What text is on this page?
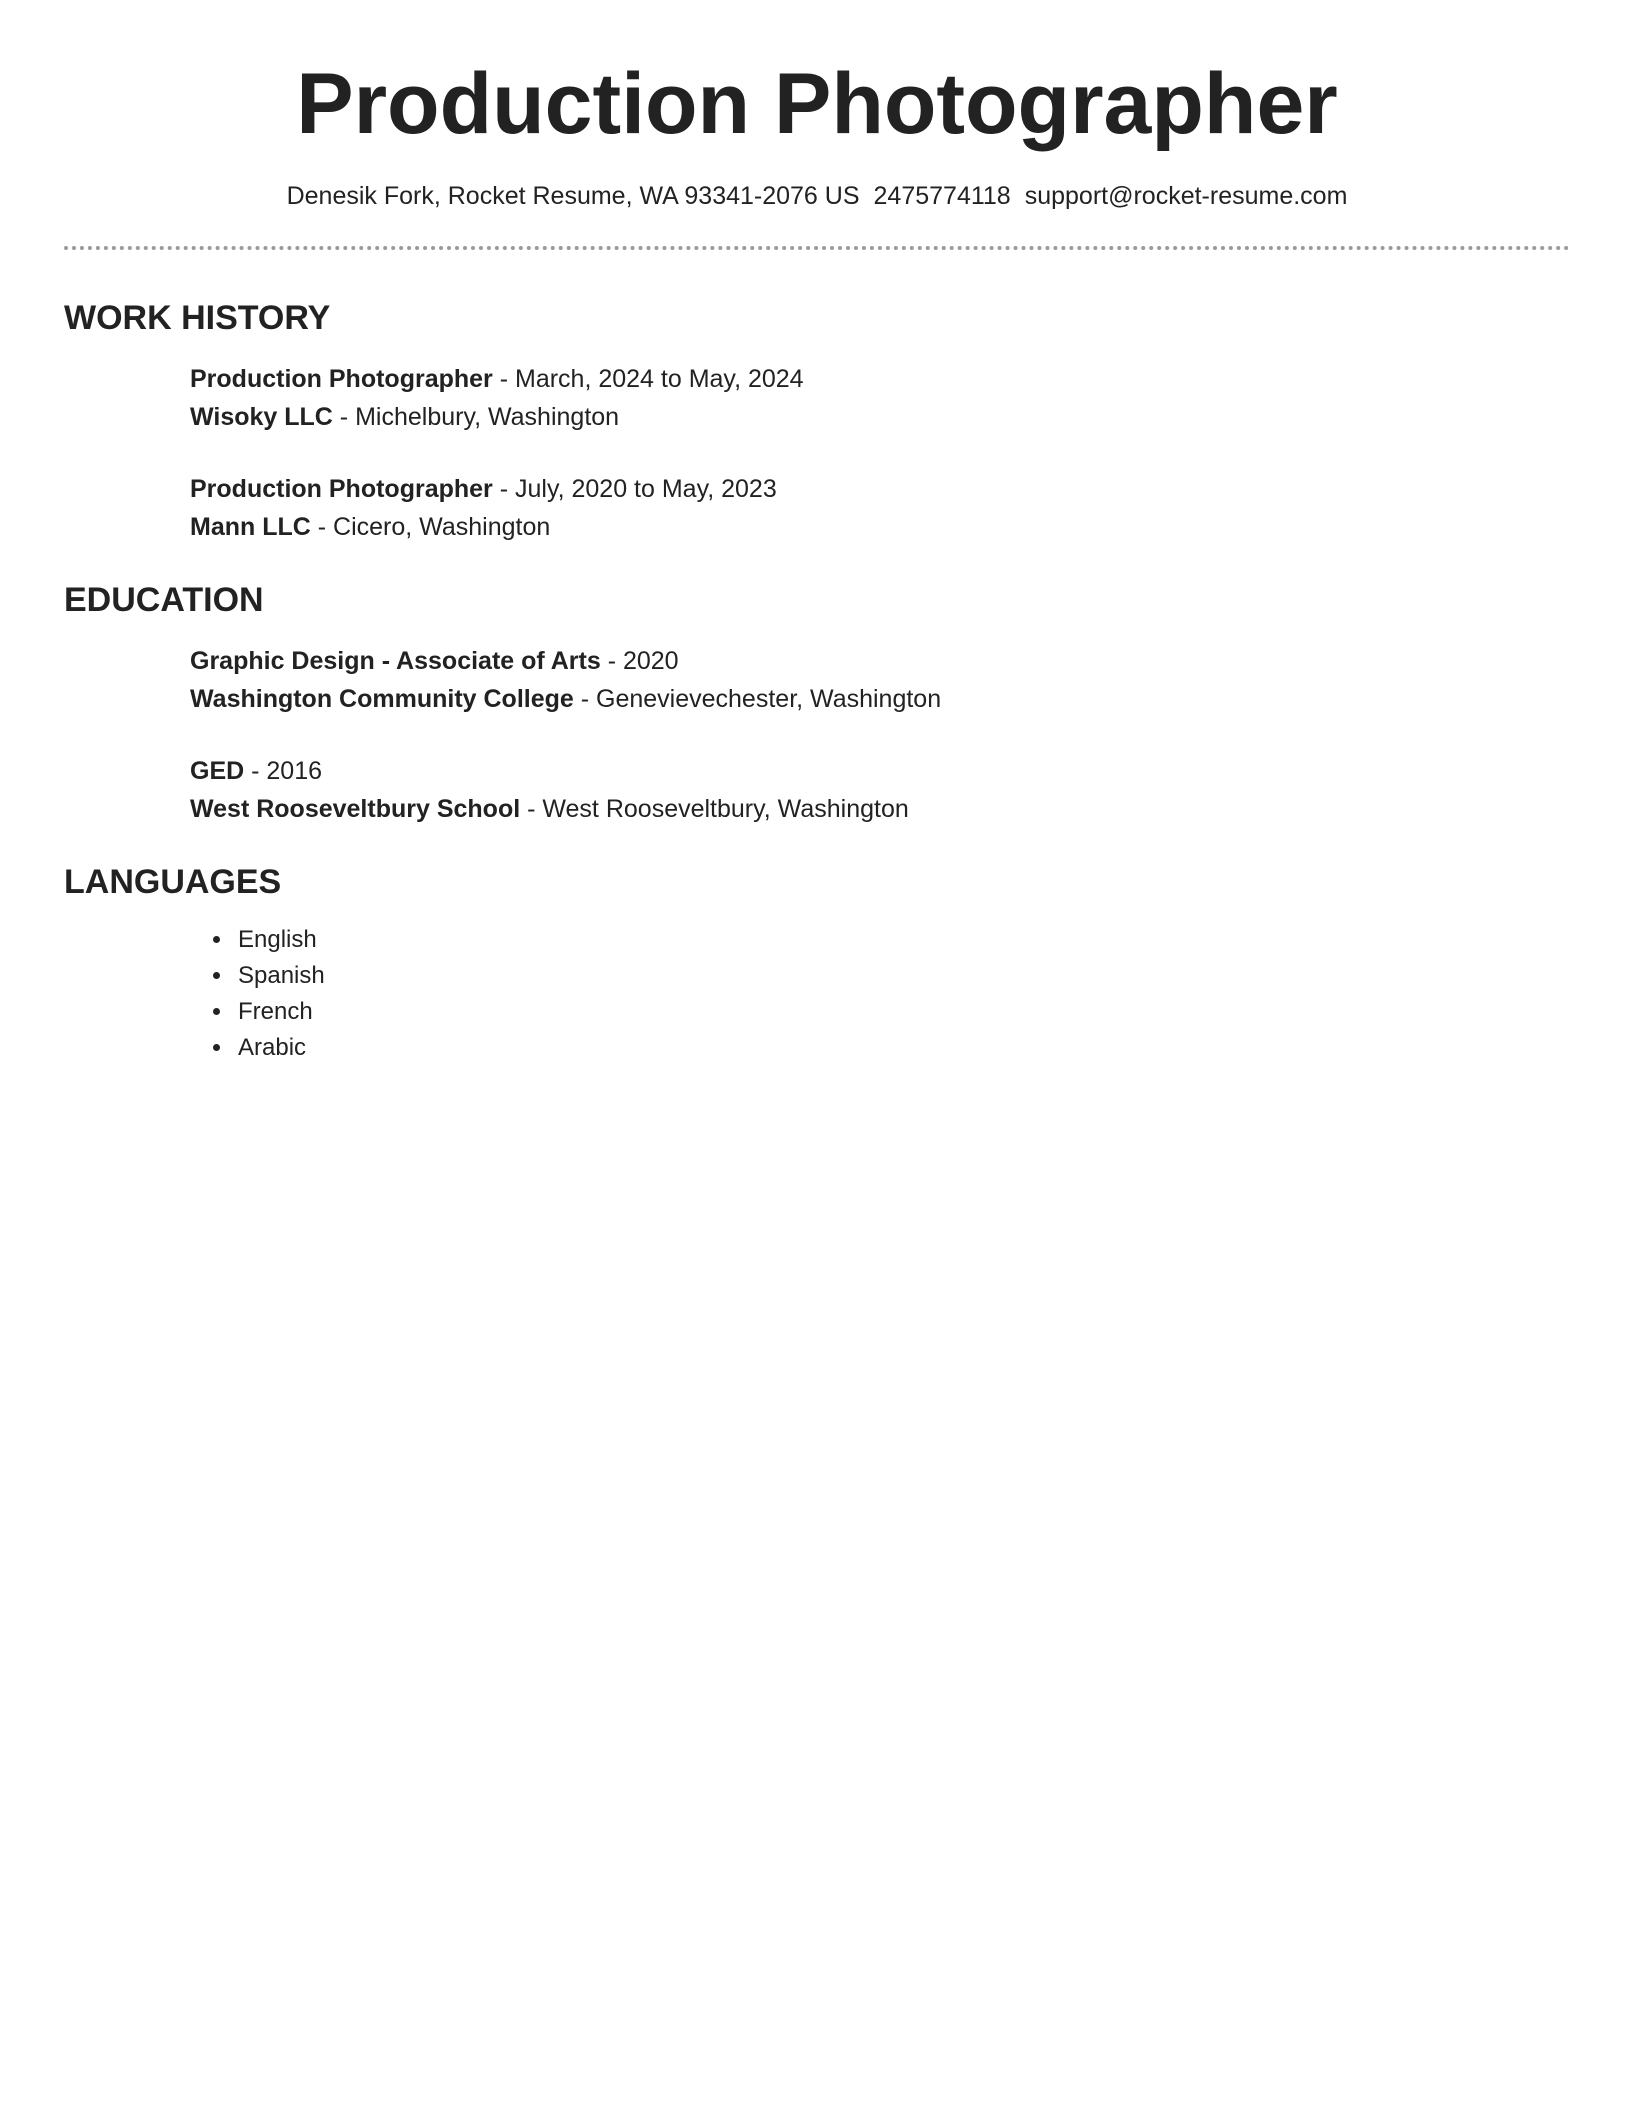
Production Photographer
Denesik Fork, Rocket Resume, WA 93341-2076 US 2475774118 support@rocket-resume.com
WORK HISTORY
Production Photographer - March, 2024 to May, 2024
Wisoky LLC - Michelbury, Washington
Production Photographer - July, 2020 to May, 2023
Mann LLC - Cicero, Washington
EDUCATION
Graphic Design - Associate of Arts - 2020
Washington Community College - Genevievechester, Washington
GED - 2016
West Rooseveltbury School - West Rooseveltbury, Washington
LANGUAGES
• English
• Spanish
• French
• Arabic
